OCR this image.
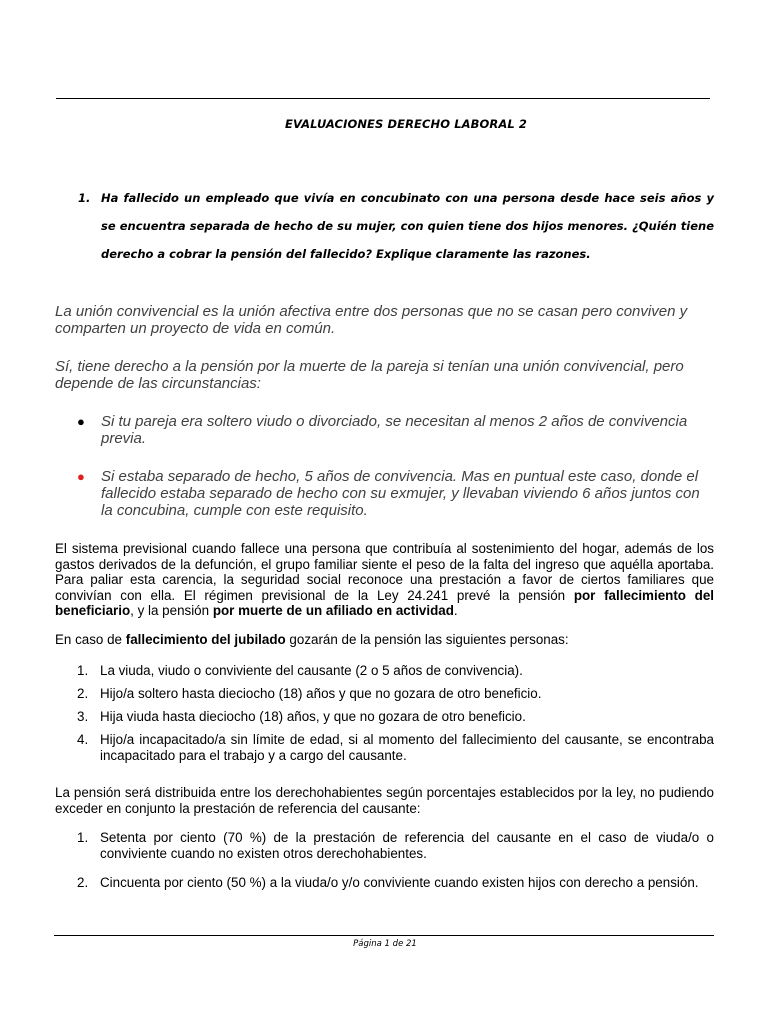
EVALUACIONES DERECHO LABORAL 2
1. Ha fallecido un empleado que vivía en concubinato con una persona desde hace seis años y se encuentra separada de hecho de su mujer, con quien tiene dos hijos menores. ¿Quién tiene derecho a cobrar la pensión del fallecido? Explique claramente las razones.
La unión convivencial es la unión afectiva entre dos personas que no se casan pero conviven y comparten un proyecto de vida en común.
Sí, tiene derecho a la pensión por la muerte de la pareja si tenían una unión convivencial, pero depende de las circunstancias:
● Si tu pareja era soltero viudo o divorciado, se necesitan al menos 2 años de convivencia previa.
● Si estaba separado de hecho, 5 años de convivencia. Mas en puntual este caso, donde el fallecido estaba separado de hecho con su exmujer, y llevaban viviendo 6 años juntos con la concubina, cumple con este requisito.
El sistema previsional cuando fallece una persona que contribuía al sostenimiento del hogar, además de los gastos derivados de la defunción, el grupo familiar siente el peso de la falta del ingreso que aquélla aportaba. Para paliar esta carencia, la seguridad social reconoce una prestación a favor de ciertos familiares que convivían con ella. El régimen previsional de la Ley 24.241 prevé la pensión por fallecimiento del beneficiario, y la pensión por muerte de un afiliado en actividad.
En caso de fallecimiento del jubilado gozarán de la pensión las siguientes personas:
1. La viuda, viudo o conviviente del causante (2 o 5 años de convivencia).
2. Hijo/a soltero hasta dieciocho (18) años y que no gozara de otro beneficio.
3. Hija viuda hasta dieciocho (18) años, y que no gozara de otro beneficio.
4. Hijo/a incapacitado/a sin límite de edad, si al momento del fallecimiento del causante, se encontraba incapacitado para el trabajo y a cargo del causante.
La pensión será distribuida entre los derechohabientes según porcentajes establecidos por la ley, no pudiendo exceder en conjunto la prestación de referencia del causante:
1. Setenta por ciento (70 %) de la prestación de referencia del causante en el caso de viuda/o o conviviente cuando no existen otros derechohabientes.
2. Cincuenta por ciento (50 %) a la viuda/o y/o conviviente cuando existen hijos con derecho a pensión.
Página 1 de 21
